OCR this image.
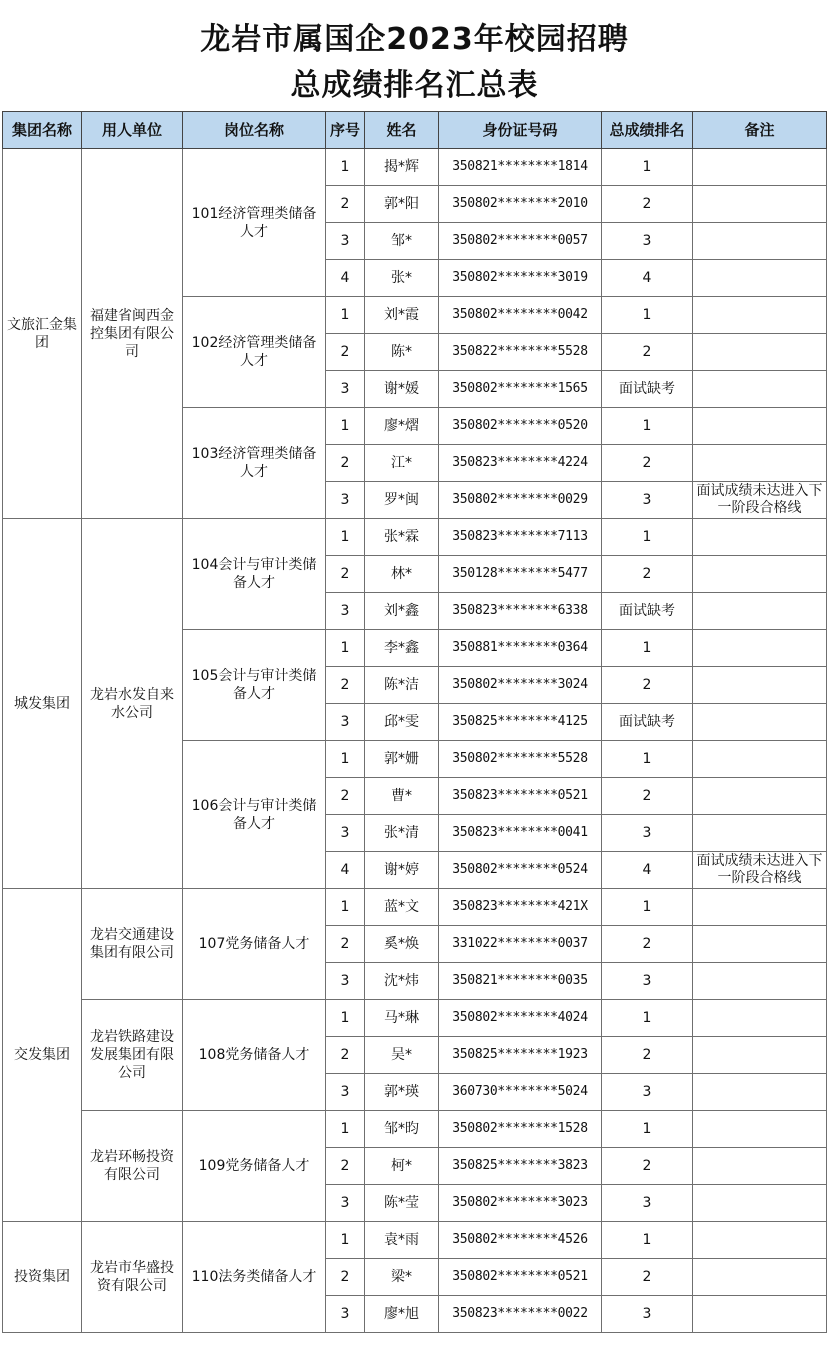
龙岩市属国企2023年校园招聘
总成绩排名汇总表
集团名称	用人单位	岗位名称	序号	姓名	身份证号码	总成绩排名	备注
文旅汇金集团	福建省闽西金控集团有限公司	101经济管理类储备人才	1	揭*辉	350821********1814	1	
			2	郭*阳	350802********2010	2	
			3	邹*	350802********0057	3	
			4	张*	350802********3019	4	
		102经济管理类储备人才	1	刘*霞	350802********0042	1	
			2	陈*	350822********5528	2	
			3	谢*媛	350802********1565	面试缺考	
		103经济管理类储备人才	1	廖*熠	350802********0520	1	
			2	江*	350823********4224	2	
			3	罗*闽	350802********0029	3	面试成绩未达进入下一阶段合格线
城发集团	龙岩水发自来水公司	104会计与审计类储备人才	1	张*霖	350823********7113	1	
			2	林*	350128********5477	2	
			3	刘*鑫	350823********6338	面试缺考	
		105会计与审计类储备人才	1	李*鑫	350881********0364	1	
			2	陈*洁	350802********3024	2	
			3	邱*雯	350825********4125	面试缺考	
		106会计与审计类储备人才	1	郭*姗	350802********5528	1	
			2	曹*	350823********0521	2	
			3	张*清	350823********0041	3	
			4	谢*婷	350802********0524	4	面试成绩未达进入下一阶段合格线
交发集团	龙岩交通建设集团有限公司	107党务储备人才	1	蓝*文	350823********421X	1	
			2	奚*焕	331022********0037	2	
			3	沈*炜	350821********0035	3	
	龙岩铁路建设发展集团有限公司	108党务储备人才	1	马*琳	350802********4024	1	
			2	吴*	350825********1923	2	
			3	郭*瑛	360730********5024	3	
	龙岩环畅投资有限公司	109党务储备人才	1	邹*昀	350802********1528	1	
			2	柯*	350825********3823	2	
			3	陈*莹	350802********3023	3	
投资集团	龙岩市华盛投资有限公司	110法务类储备人才	1	袁*雨	350802********4526	1	
			2	梁*	350802********0521	2	
			3	廖*旭	350823********0022	3	
